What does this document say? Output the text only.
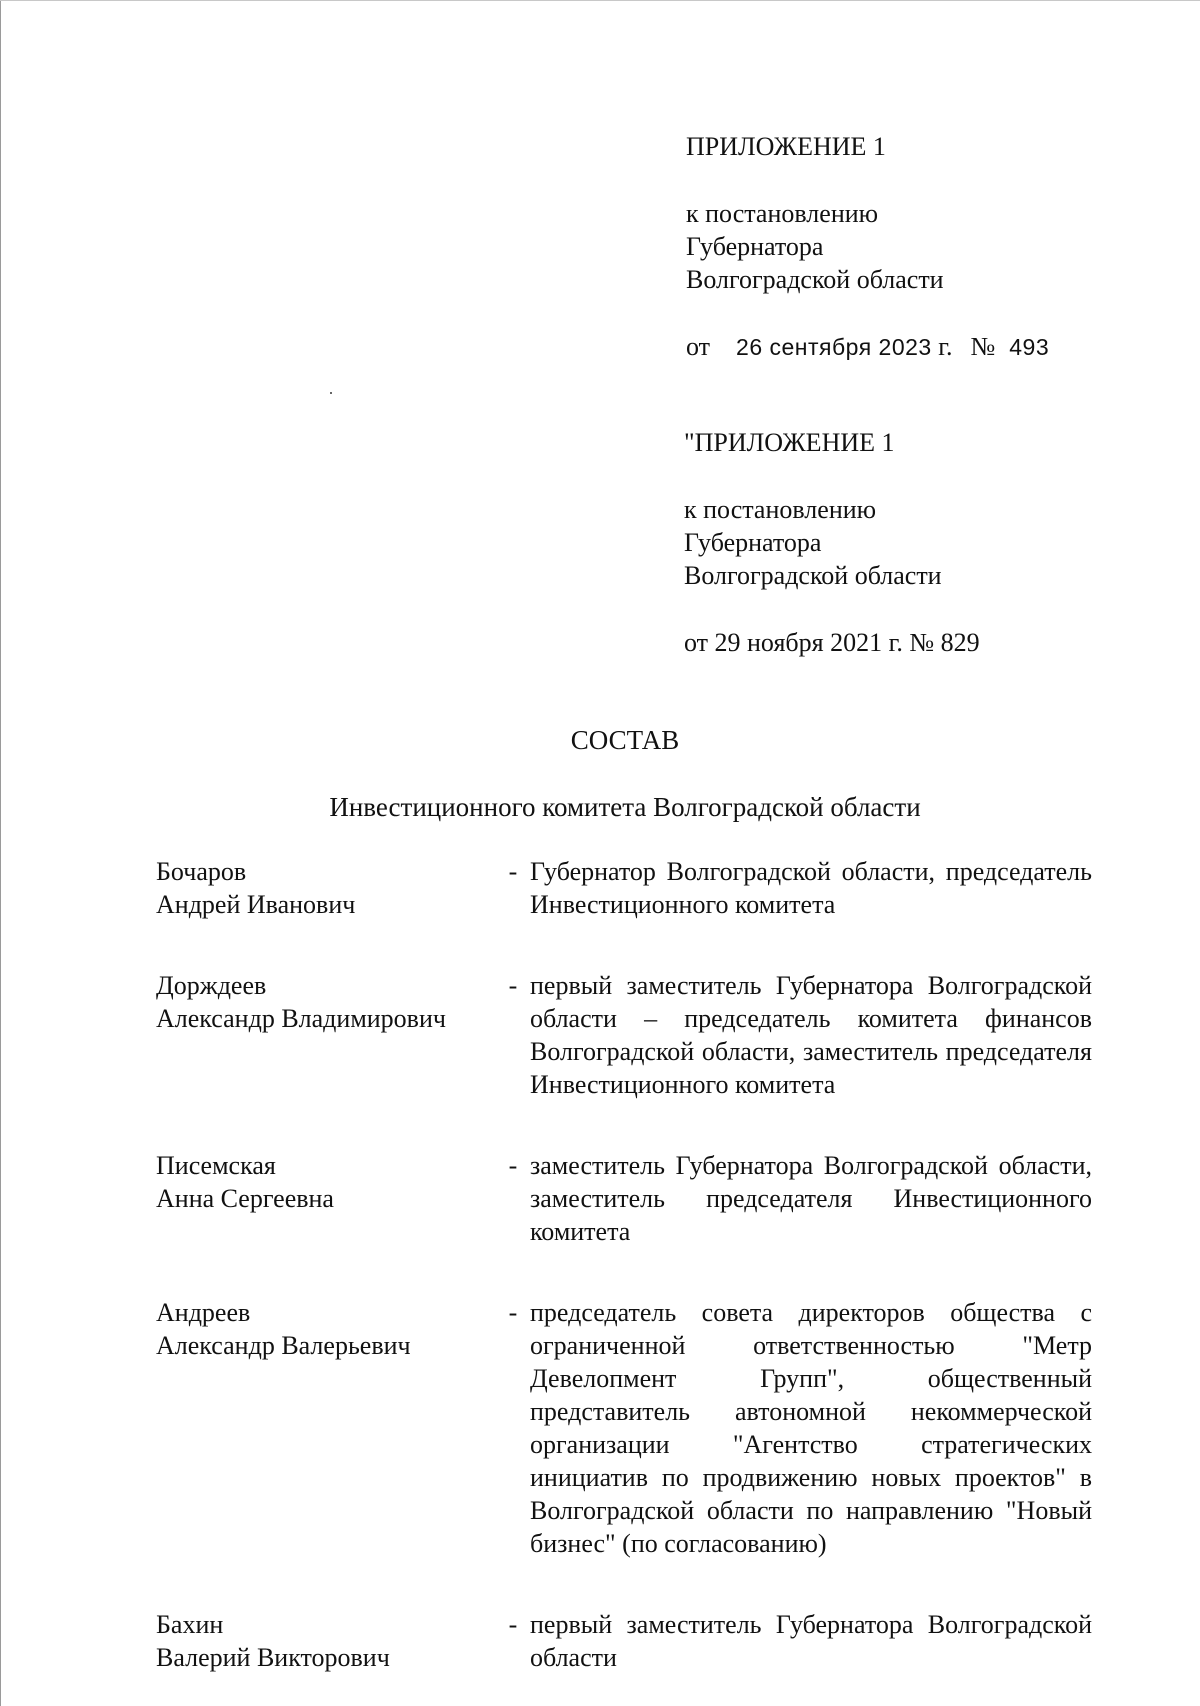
ПРИЛОЖЕНИЕ 1

к постановлению

Губернатора

Волгоградской области

от 26 сентября 2023 г. № 493

"ПРИЛОЖЕНИЕ 1

к постановлению

Губернатора

Волгоградской области

от 29 ноября 2021 г. № 829

СОСТАВ
Инвестиционного комитета Волгоградской области
Бочаров
Андрей Иванович
- Губернатор Волгоградской области, председатель Инвестиционного комитета
Дорждеев
Александр Владимирович
- первый заместитель Губернатора Волгоградской области – председатель комитета финансов Волгоградской области, заместитель председателя Инвестиционного комитета
Писемская
Анна Сергеевна
- заместитель Губернатора Волгоградской области, заместитель председателя Инвестиционного комитета
Андреев
Александр Валерьевич
- председатель совета директоров общества с ограниченной ответственностью "Метр Девелопмент Групп", общественный представитель автономной некоммерческой организации "Агентство стратегических инициатив по продвижению новых проектов" в Волгоградской области по направлению "Новый бизнес" (по согласованию)
Бахин
Валерий Викторович
- первый заместитель Губернатора Волгоградской области
